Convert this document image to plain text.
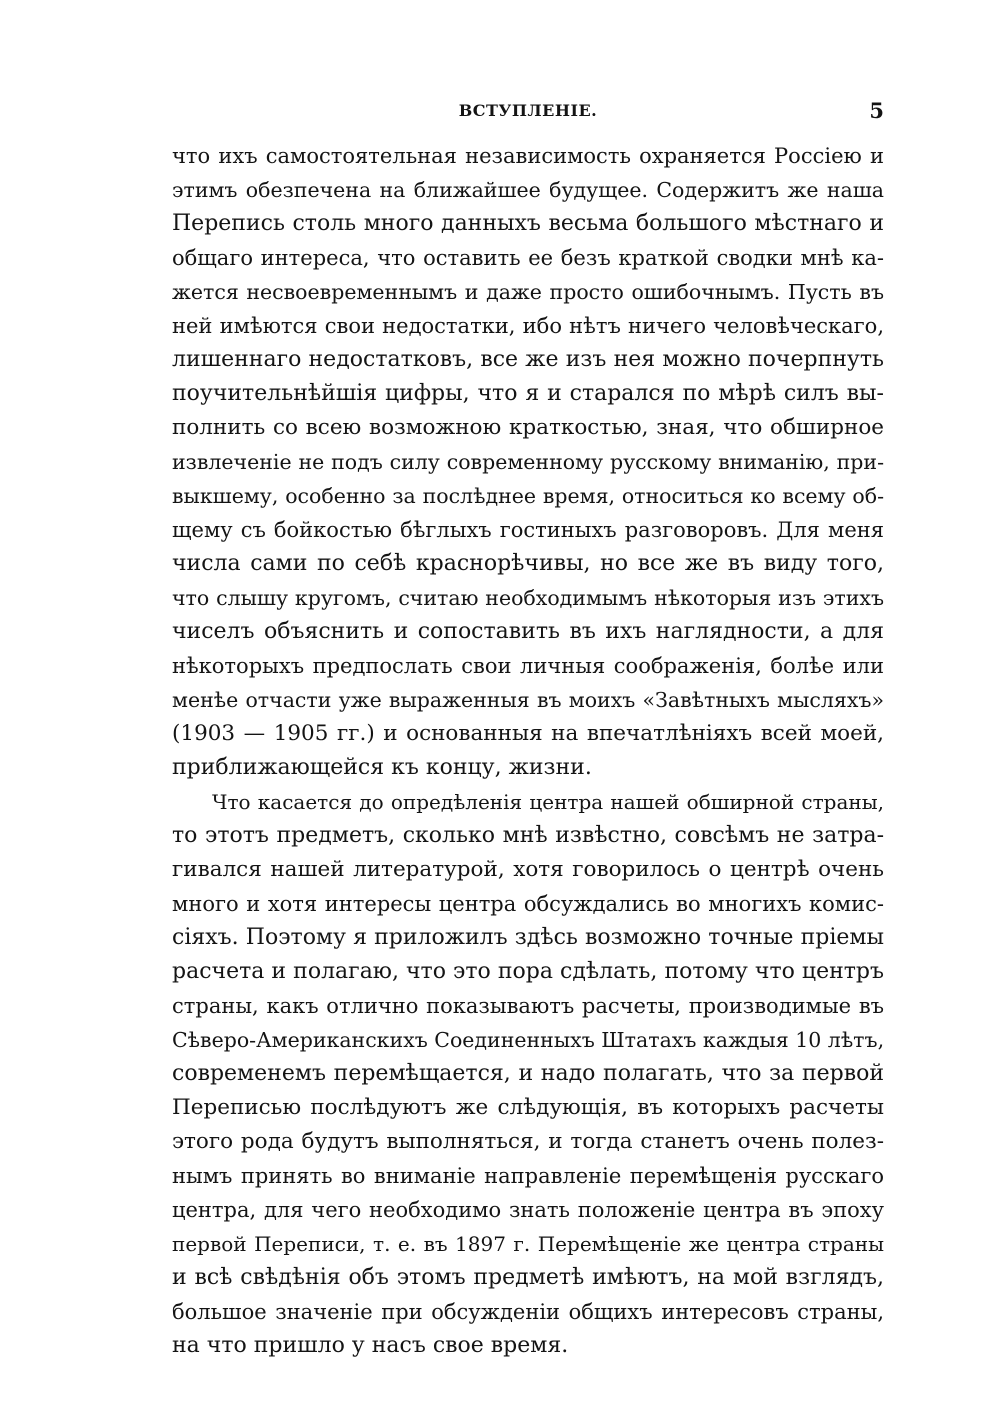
ВСТУПЛЕНІЕ.	5
что ихъ самостоятельная независимость охраняется Россіею и
этимъ обезпечена на ближайшее будущее. Содержитъ же наша
Перепись столь много данныхъ весьма большого мѣстнаго и
общаго интереса, что оставить ее безъ краткой сводки мнѣ ка-
жется несвоевременнымъ и даже просто ошибочнымъ. Пусть въ
ней имѣются свои недостатки, ибо нѣтъ ничего человѣческаго,
лишеннаго недостатковъ, все же изъ нея можно почерпнуть
поучительнѣйшія цифры, что я и старался по мѣрѣ силъ вы-
полнить со всею возможною краткостью, зная, что обширное
извлеченіе не подъ силу современному русскому вниманію, при-
выкшему, особенно за послѣднее время, относиться ко всему об-
щему съ бойкостью бѣглыхъ гостиныхъ разговоровъ. Для меня
числа сами по себѣ краснорѣчивы, но все же въ виду того,
что слышу кругомъ, считаю необходимымъ нѣкоторыя изъ этихъ
чиселъ объяснить и сопоставить въ ихъ наглядности, а для
нѣкоторыхъ предпослать свои личныя соображенія, болѣе или
менѣе отчасти уже выраженныя въ моихъ «Завѣтныхъ мысляхъ»
(1903 — 1905 гг.) и основанныя на впечатлѣніяхъ всей моей,
приближающейся къ концу, жизни.
Что касается до опредѣленія центра нашей обширной страны,
то этотъ предметъ, сколько мнѣ извѣстно, совсѣмъ не затра-
гивался нашей литературой, хотя говорилось о центрѣ очень
много и хотя интересы центра обсуждались во многихъ комис-
сіяхъ. Поэтому я приложилъ здѣсь возможно точные пріемы
расчета и полагаю, что это пора сдѣлать, потому что центръ
страны, какъ отлично показываютъ расчеты, производимые въ
Сѣверо-Американскихъ Соединенныхъ Штатахъ каждыя 10 лѣтъ,
современемъ перемѣщается, и надо полагать, что за первой
Переписью послѣдуютъ же слѣдующія, въ которыхъ расчеты
этого рода будутъ выполняться, и тогда станетъ очень полез-
нымъ принять во вниманіе направленіе перемѣщенія русскаго
центра, для чего необходимо знать положеніе центра въ эпоху
первой Переписи, т. е. въ 1897 г. Перемѣщеніе же центра страны
и всѣ свѣдѣнія объ этомъ предметѣ имѣютъ, на мой взглядъ,
большое значеніе при обсужденіи общихъ интересовъ страны,
на что пришло у насъ свое время.
